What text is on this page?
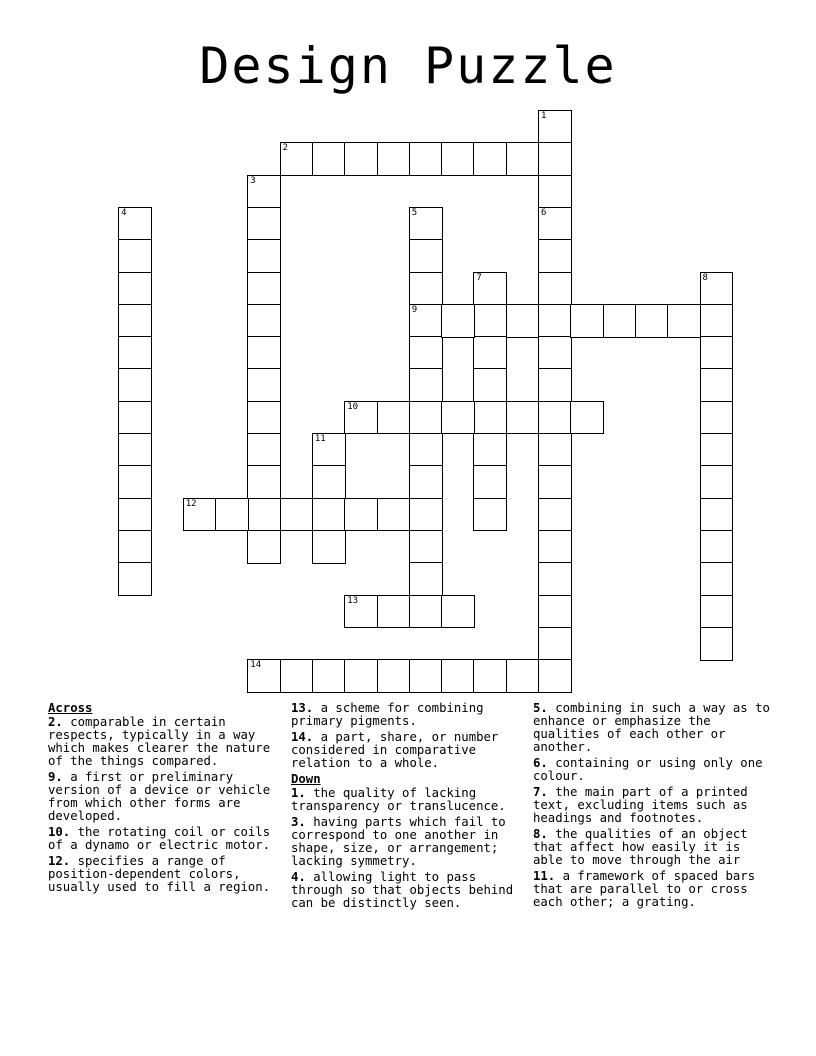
Design Puzzle
1
6
2
3
4	5
9
7	8
10
11
12
13
14
Across
2. comparable in certain respects, typically in a way which makes clearer the nature of the things compared.
9. a first or preliminary version of a device or vehicle from which other forms are developed.
10. the rotating coil or coils of a dynamo or electric motor.
12. specifies a range of position-dependent colors, usually used to fill a region.
13. a scheme for combining primary pigments.
14. a part, share, or number considered in comparative relation to a whole.
Down
1. the quality of lacking transparency or translucence.
3. having parts which fail to correspond to one another in shape, size, or arrangement; lacking symmetry.
4. allowing light to pass through so that objects behind can be distinctly seen.
5. combining in such a way as to enhance or emphasize the qualities of each other or another.
6. containing or using only one colour.
7. the main part of a printed text, excluding items such as headings and footnotes.
8. the qualities of an object that affect how easily it is able to move through the air
11. a framework of spaced bars that are parallel to or cross each other; a grating.
